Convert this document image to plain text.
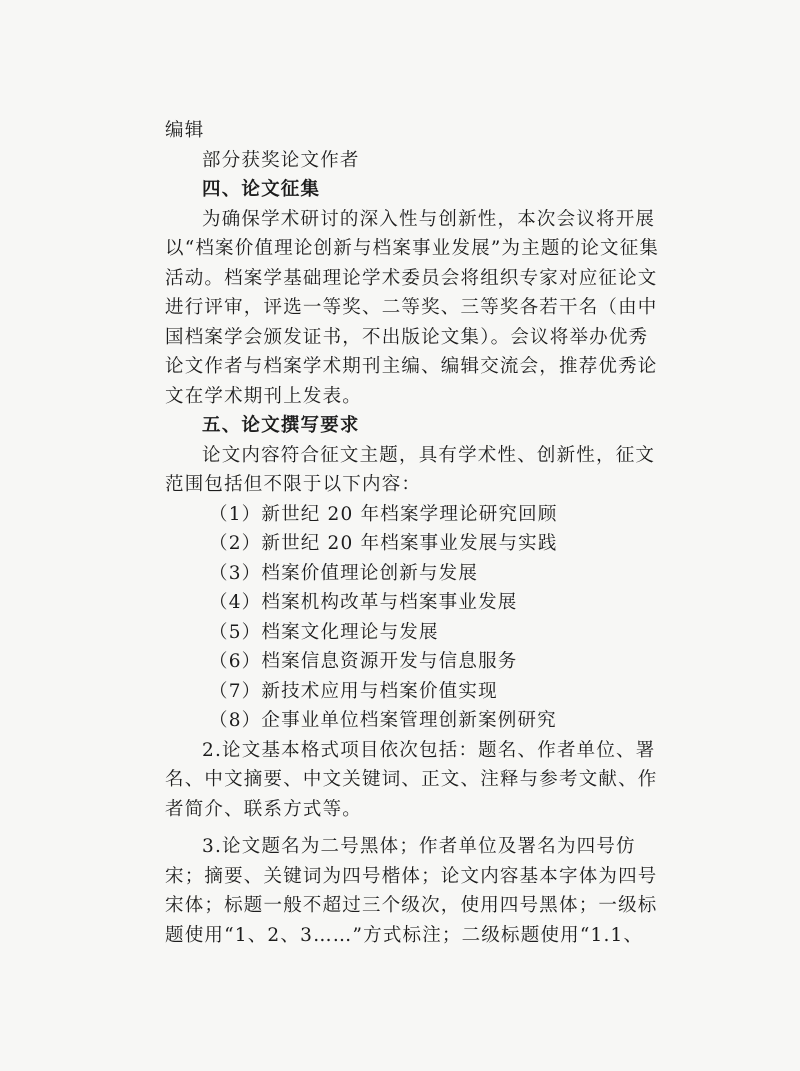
编辑

部分获奖论文作者

四、论文征集

为确保学术研讨的深入性与创新性，本次会议将开展以“档案价值理论创新与档案事业发展”为主题的论文征集活动。档案学基础理论学术委员会将组织专家对应征论文进行评审，评选一等奖、二等奖、三等奖各若干名（由中国档案学会颁发证书，不出版论文集）。会议将举办优秀论文作者与档案学术期刊主编、编辑交流会，推荐优秀论文在学术期刊上发表。

五、论文撰写要求

论文内容符合征文主题，具有学术性、创新性，征文范围包括但不限于以下内容：

（1）新世纪 20 年档案学理论研究回顾

（2）新世纪 20 年档案事业发展与实践

（3）档案价值理论创新与发展

（4）档案机构改革与档案事业发展

（5）档案文化理论与发展

（6）档案信息资源开发与信息服务

（7）新技术应用与档案价值实现

（8）企事业单位档案管理创新案例研究

2.论文基本格式项目依次包括：题名、作者单位、署名、中文摘要、中文关键词、正文、注释与参考文献、作者简介、联系方式等。

3.论文题名为二号黑体；作者单位及署名为四号仿宋；摘要、关键词为四号楷体；论文内容基本字体为四号宋体；标题一般不超过三个级次，使用四号黑体；一级标题使用“1、2、3……”方式标注；二级标题使用“1.1、
